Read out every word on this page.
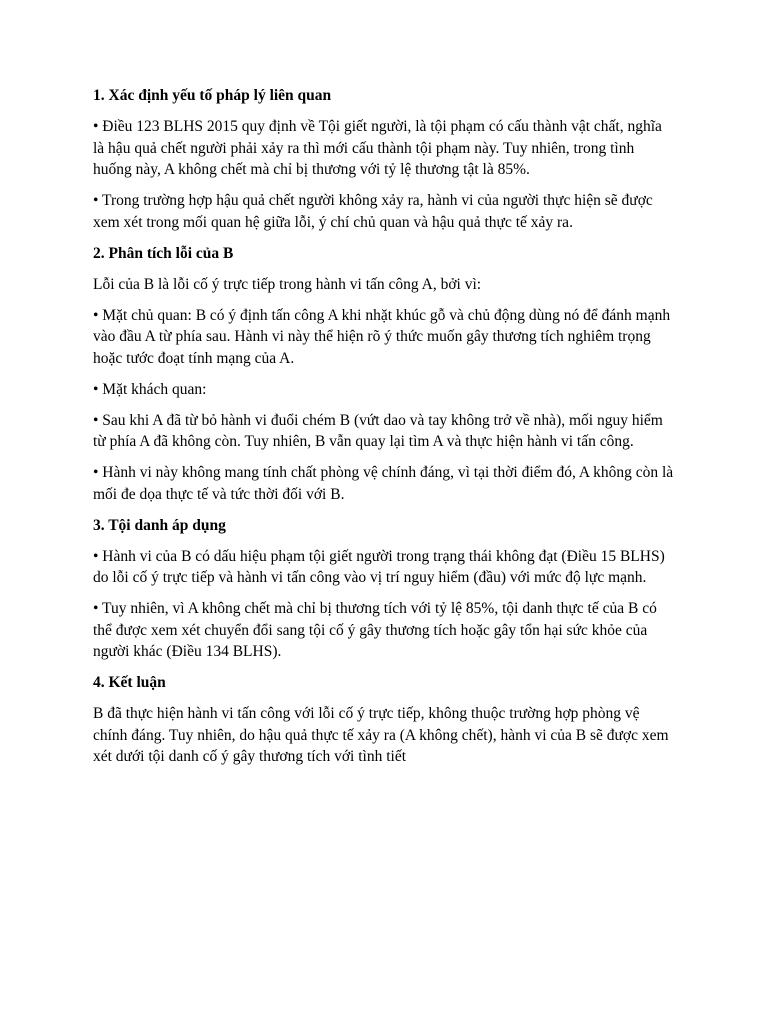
1. Xác định yếu tố pháp lý liên quan

• Điều 123 BLHS 2015 quy định về Tội giết người, là tội phạm có cấu thành vật chất, nghĩa là hậu quả chết người phải xảy ra thì mới cấu thành tội phạm này. Tuy nhiên, trong tình huống này, A không chết mà chỉ bị thương với tỷ lệ thương tật là 85%.

• Trong trường hợp hậu quả chết người không xảy ra, hành vi của người thực hiện sẽ được xem xét trong mối quan hệ giữa lỗi, ý chí chủ quan và hậu quả thực tế xảy ra.

2. Phân tích lỗi của B

Lỗi của B là lỗi cố ý trực tiếp trong hành vi tấn công A, bởi vì:

• Mặt chủ quan: B có ý định tấn công A khi nhặt khúc gỗ và chủ động dùng nó để đánh mạnh vào đầu A từ phía sau. Hành vi này thể hiện rõ ý thức muốn gây thương tích nghiêm trọng hoặc tước đoạt tính mạng của A.

• Mặt khách quan:

• Sau khi A đã từ bỏ hành vi đuổi chém B (vứt dao và tay không trở về nhà), mối nguy hiểm từ phía A đã không còn. Tuy nhiên, B vẫn quay lại tìm A và thực hiện hành vi tấn công.

• Hành vi này không mang tính chất phòng vệ chính đáng, vì tại thời điểm đó, A không còn là mối đe dọa thực tế và tức thời đối với B.

3. Tội danh áp dụng

• Hành vi của B có dấu hiệu phạm tội giết người trong trạng thái không đạt (Điều 15 BLHS) do lỗi cố ý trực tiếp và hành vi tấn công vào vị trí nguy hiểm (đầu) với mức độ lực mạnh.

• Tuy nhiên, vì A không chết mà chỉ bị thương tích với tỷ lệ 85%, tội danh thực tế của B có thể được xem xét chuyển đổi sang tội cố ý gây thương tích hoặc gây tổn hại sức khỏe của người khác (Điều 134 BLHS).

4. Kết luận

B đã thực hiện hành vi tấn công với lỗi cố ý trực tiếp, không thuộc trường hợp phòng vệ chính đáng. Tuy nhiên, do hậu quả thực tế xảy ra (A không chết), hành vi của B sẽ được xem xét dưới tội danh cố ý gây thương tích với tình tiết
